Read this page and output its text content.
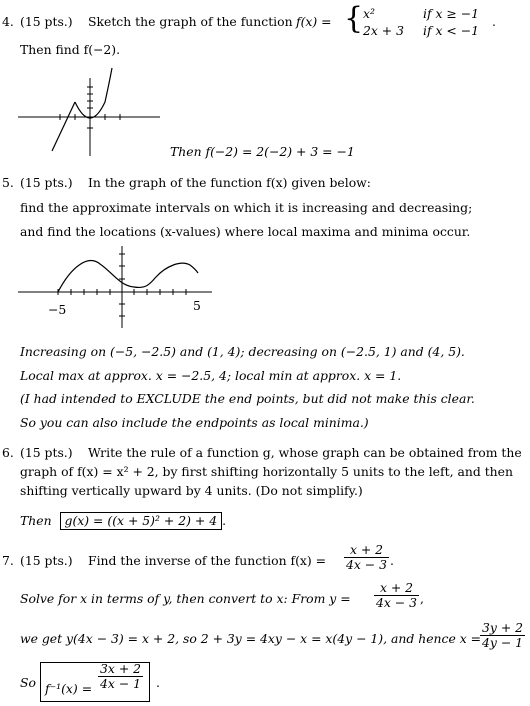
4. (15 pts.) Sketch the graph of the function f(x) = { x²	if x ≥ −1
2x + 3 if x < −1
.
Then find f(−2).
Then f(−2) = 2(−2) + 3 = −1
5. (15 pts.) In the graph of the function f(x) given below:
find the approximate intervals on which it is increasing and decreasing;
and find the locations (x-values) where local maxima and minima occur.
−5	5
Increasing on (−5, −2.5) and (1, 4); decreasing on (−2.5, 1) and (4, 5).
Local max at approx. x = −2.5, 4; local min at approx. x = 1.
(I had intended to EXCLUDE the end points, but did not make this clear.
So you can also include the endpoints as local minima.)
6. (15 pts.) Write the rule of a function g, whose graph can be obtained from the
graph of f(x) = x² + 2, by first shifting horizontally 5 units to the left, and then
shifting vertically upward by 4 units. (Do not simplify.)
Then g(x) = ((x + 5)² + 2) + 4 .
7. (15 pts.) Find the inverse of the function $f(x) = \frac{x + 2}{4x - 3}$ .
Solve for x in terms of y, then convert to x: From $y = \frac{x + 2}{4x - 3}$ ,
we get y(4x − 3) = x + 2, so 2 + 3y = 4xy − x = x(4y − 1), and hence x =
$\frac{3y + 2}{4y - 1}$
So $f^{-1}(x) = \frac{3x + 2}{4x - 1}$ .
